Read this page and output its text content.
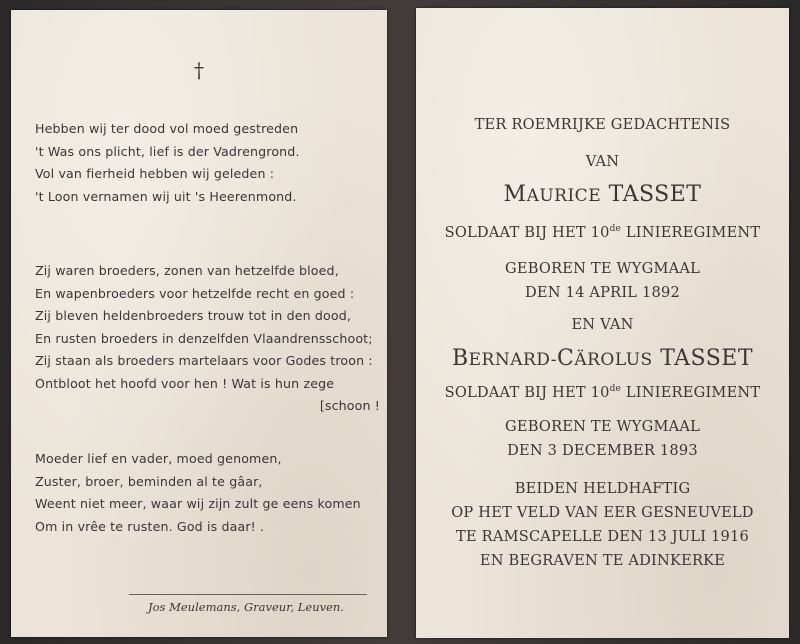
†
Hebben wij ter dood vol moed gestreden
't Was ons plicht, lief is der Vadrengrond.
Vol van fierheid hebben wij geleden :
't Loon vernamen wij uit 's Heerenmond.
Zij waren broeders, zonen van hetzelfde bloed,
En wapenbroeders voor hetzelfde recht en goed :
Zij bleven heldenbroeders trouw tot in den dood,
En rusten broeders in denzelfden Vlaandrensschoot;
Zij staan als broeders martelaars voor Godes troon :
Ontbloot het hoofd voor hen ! Wat is hun zege
[schoon !
Moeder lief en vader, moed genomen,
Zuster, broer, beminden al te gâar,
Weent niet meer, waar wij zijn zult ge eens komen
Om in vrêe te rusten. God is daar! .
Jos Meulemans, Graveur, Leuven.
TER ROEMRIJKE GEDACHTENIS
VAN
MAURICE TASSET
SOLDAAT BIJ HET 10de LINIEREGIMENT
GEBOREN TE WYGMAAL
DEN 14 APRIL 1892
EN VAN
BERNARD-CÄROLUS TASSET
SOLDAAT BIJ HET 10de LINIEREGIMENT
GEBOREN TE WYGMAAL
DEN 3 DECEMBER 1893
BEIDEN HELDHAFTIG
OP HET VELD VAN EER GESNEUVELD
TE RAMSCAPELLE DEN 13 JULI 1916
EN BEGRAVEN TE ADINKERKE
